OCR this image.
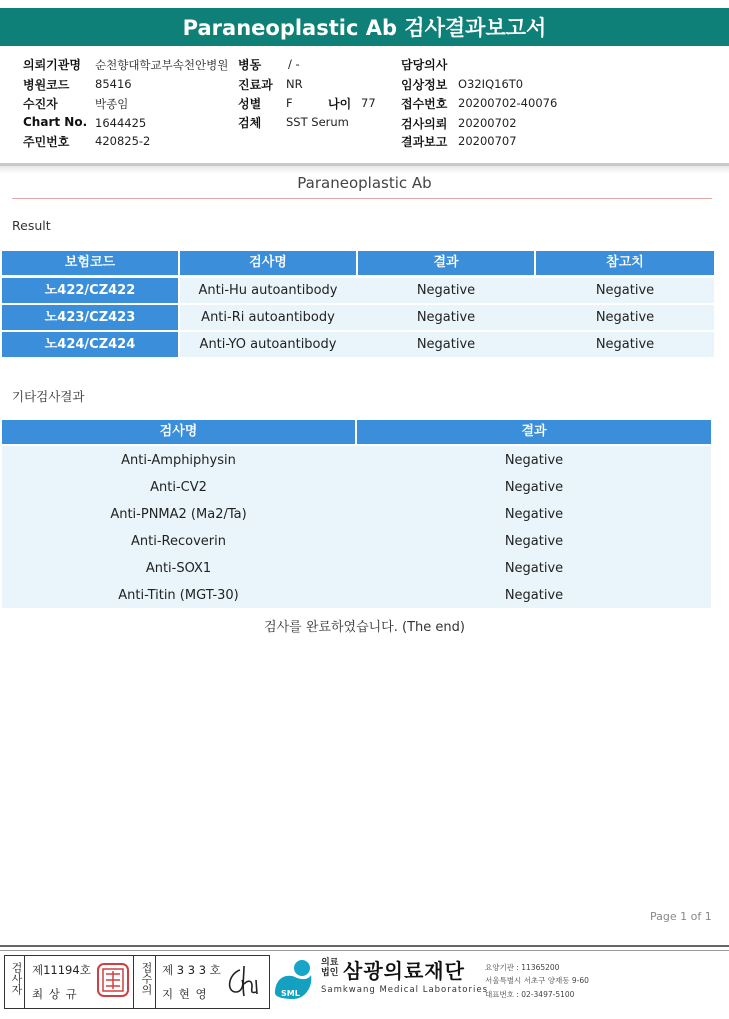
Paraneoplastic Ab 검사결과보고서
의뢰기관명 순천향대학교부속천안병원 병동 / -	담당의사
병원코드 85416	진료과 NR	임상정보 O32IQ16T0
수진자	박종임	성별 F	나이 77 접수번호 20200702-40076
Chart No. 1644425	검체 SST Serum	검사의뢰 20200702
주민번호 420825-2	결과보고 20200707
Paraneoplastic Ab
Result
보험코드	검사명	결과	참고치
노422/CZ422	Anti-Hu autoantibody	Negative	Negative
노423/CZ423	Anti-Ri autoantibody	Negative	Negative
노424/CZ424	Anti-YO autoantibody	Negative	Negative
기타검사결과
검사명	결과
Anti-Amphiphysin	Negative
Anti-CV2	Negative
Anti-PNMA2 (Ma2/Ta)	Negative
Anti-Recoverin	Negative
Anti-SOX1	Negative
Anti-Titin (MGT-30)	Negative
검사를 완료하였습니다. (The end)
Page 1 of 1
검사자 제11194호
최 상 규	접수의 제 3 3 3 호
지 현 영	SML
의료법인 삼광의료재단
Samkwang Medical Laboratories
요양기관 : 11365200
서울특별시 서초구 양재동 9-60
대표번호 : 02-3497-5100
